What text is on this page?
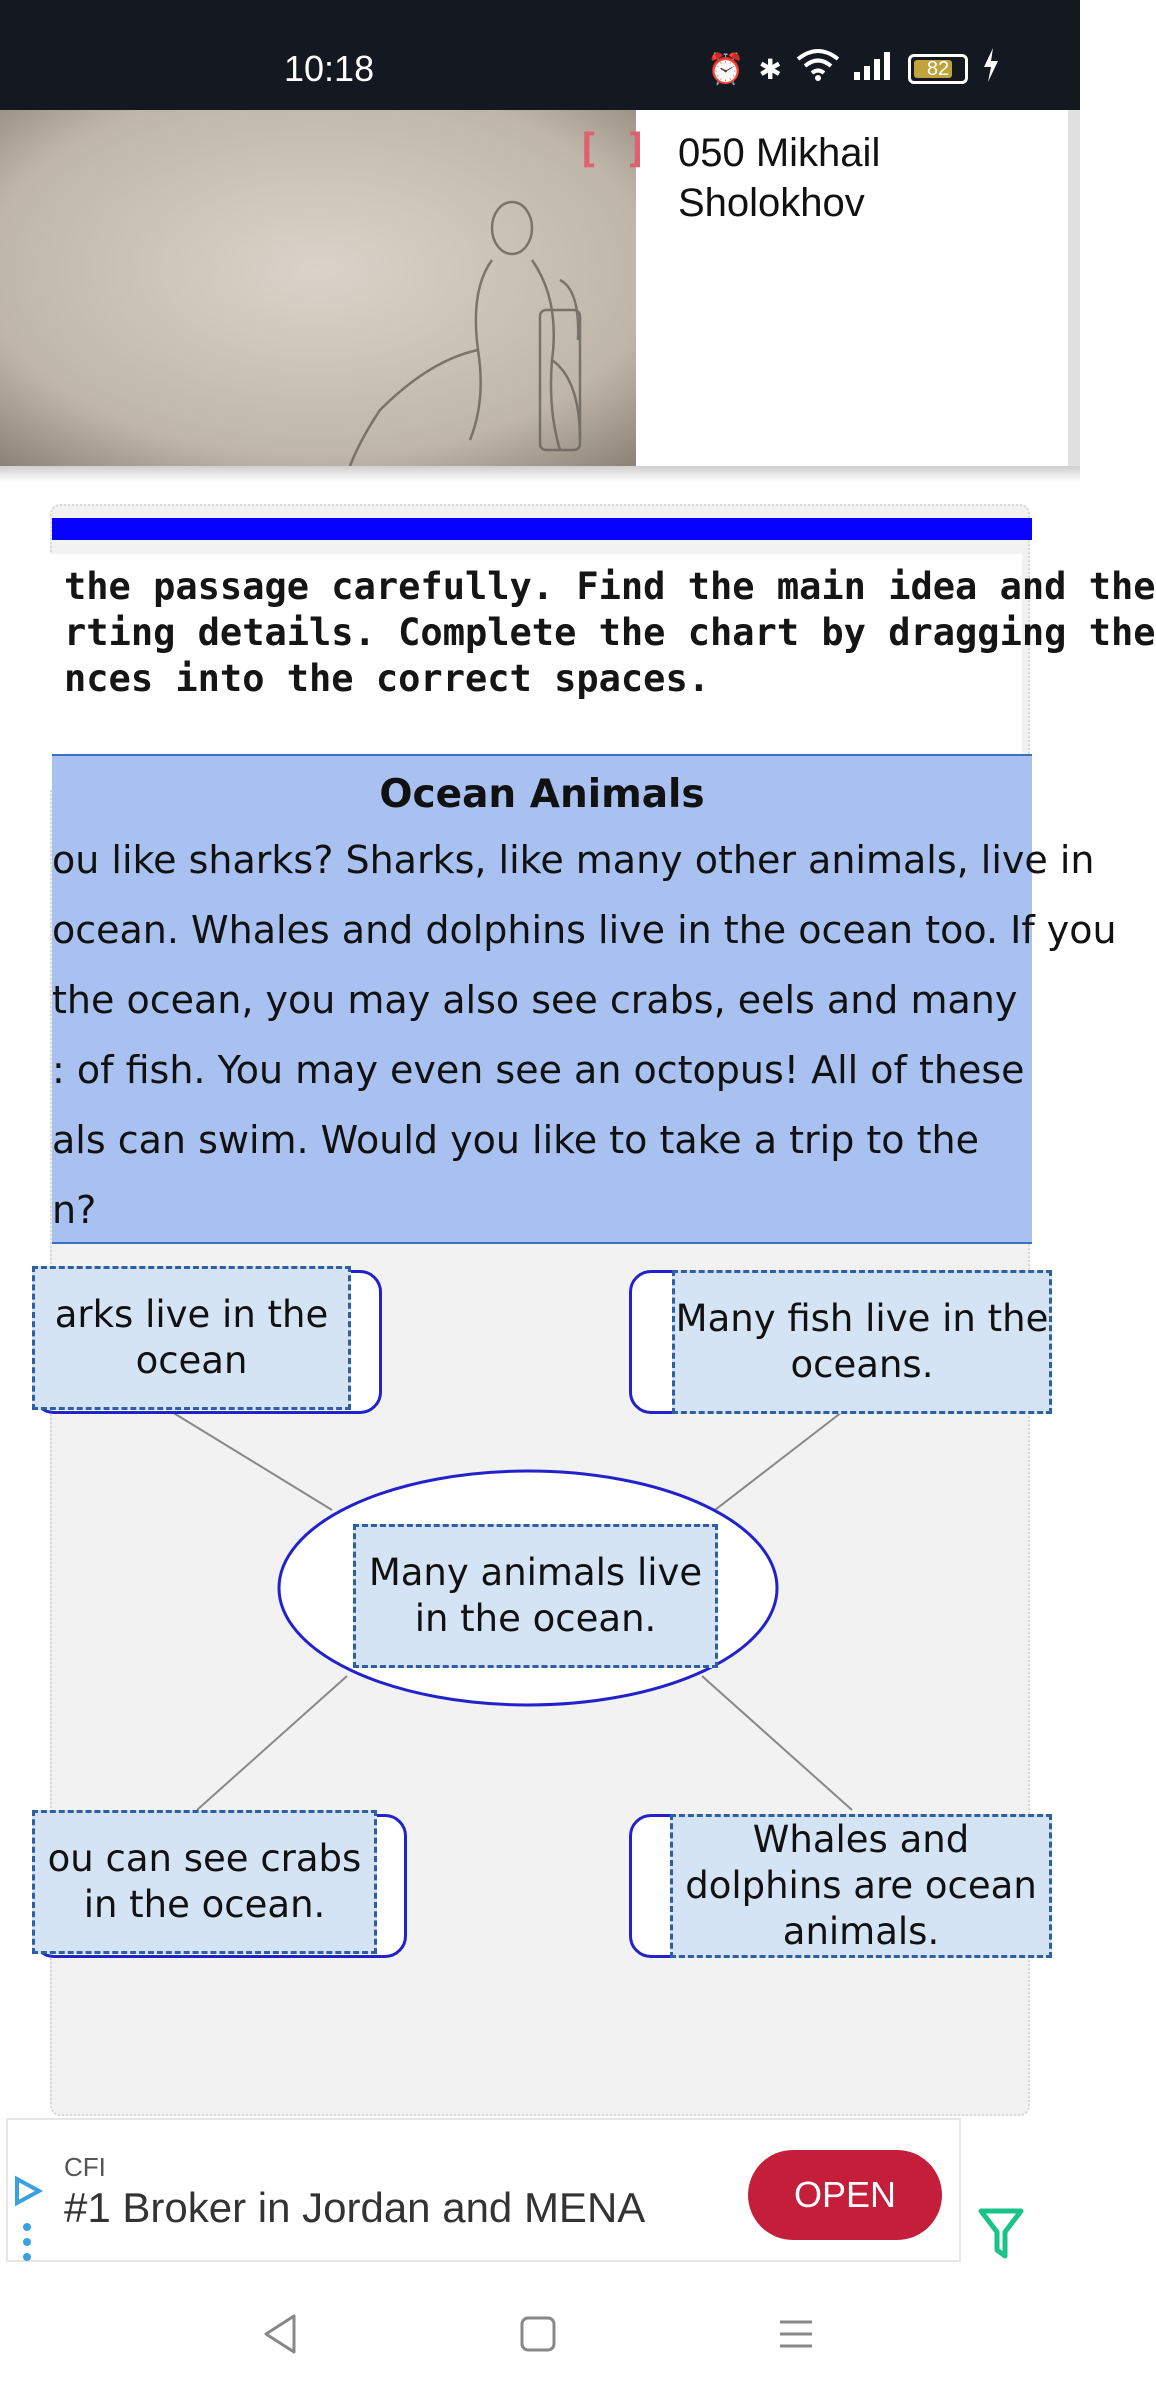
10:18	⏰ ✱	82
[ ] 050 Mikhail Sholokhov
the passage carefully. Find the main idea and the
rting details. Complete the chart by dragging the
nces into the correct spaces.
Ocean Animals
ou like sharks? Sharks, like many other animals, live in
ocean. Whales and dolphins live in the ocean too. If you
the ocean, you may also see crabs, eels and many
: of fish. You may even see an octopus! All of these
als can swim. Would you like to take a trip to the
n?
arks live in the ocean
Many fish live in the oceans.
Many animals live in the ocean.
ou can see crabs in the ocean.
Whales and dolphins are ocean animals.
CFI
#1 Broker in Jordan and MENA	OPEN
